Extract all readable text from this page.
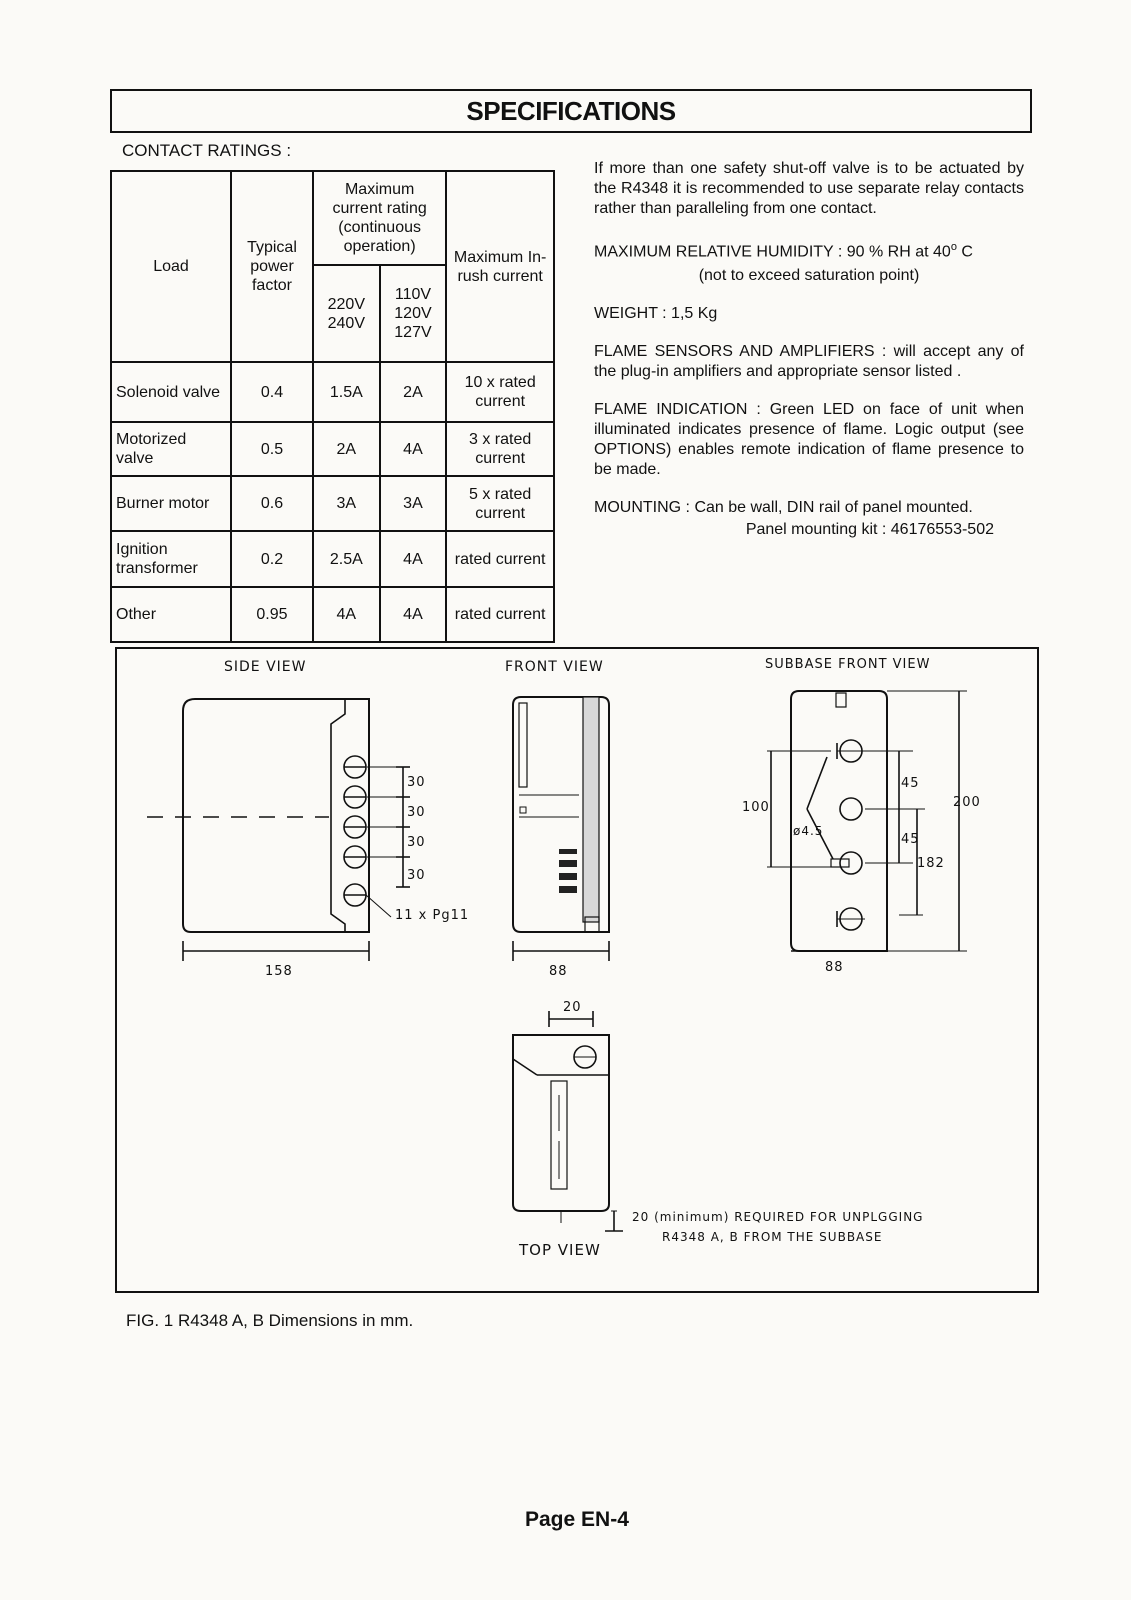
SPECIFICATIONS
CONTACT RATINGS :
Load	Typical power factor	Maximum current rating (continuous operation)		Maximum In-rush current
		220V 240V	110V 120V 127V	
Solenoid valve	0.4	1.5A	2A	10 x rated current
Motorized valve	0.5	2A	4A	3 x rated current
Burner motor	0.6	3A	3A	5 x rated current
Ignition transformer	0.2	2.5A	4A	rated current
Other	0.95	4A	4A	rated current

If more than one safety shut-off valve is to be actuated by the R4348 it is recommended to use separate relay contacts rather than paralleling from one contact.

MAXIMUM RELATIVE HUMIDITY : 90 % RH at 40$^o$ C

(not to exceed saturation point)

WEIGHT : 1,5 Kg

FLAME SENSORS AND AMPLIFIERS : will accept any of the plug-in amplifiers and appropriate sensor listed .

FLAME INDICATION : Green LED on face of unit when illuminated indicates presence of flame. Logic output (see OPTIONS) enables remote indication of flame presence to be made.

MOUNTING : Can be wall, DIN rail of panel mounted.

Panel mounting kit : 46176553-502

SIDE VIEW	FRONT VIEW	SUBBASE FRONT VIEW
30
30
30
30
11 x Pg11
158	88
100
ø4.5
45
45
182
200
88
20
20 (minimum) REQUIRED FOR UNPLGGING
R4348 A, B FROM THE SUBBASE
TOP VIEW
FIG. 1 R4348 A, B Dimensions in mm.
Page EN-4
